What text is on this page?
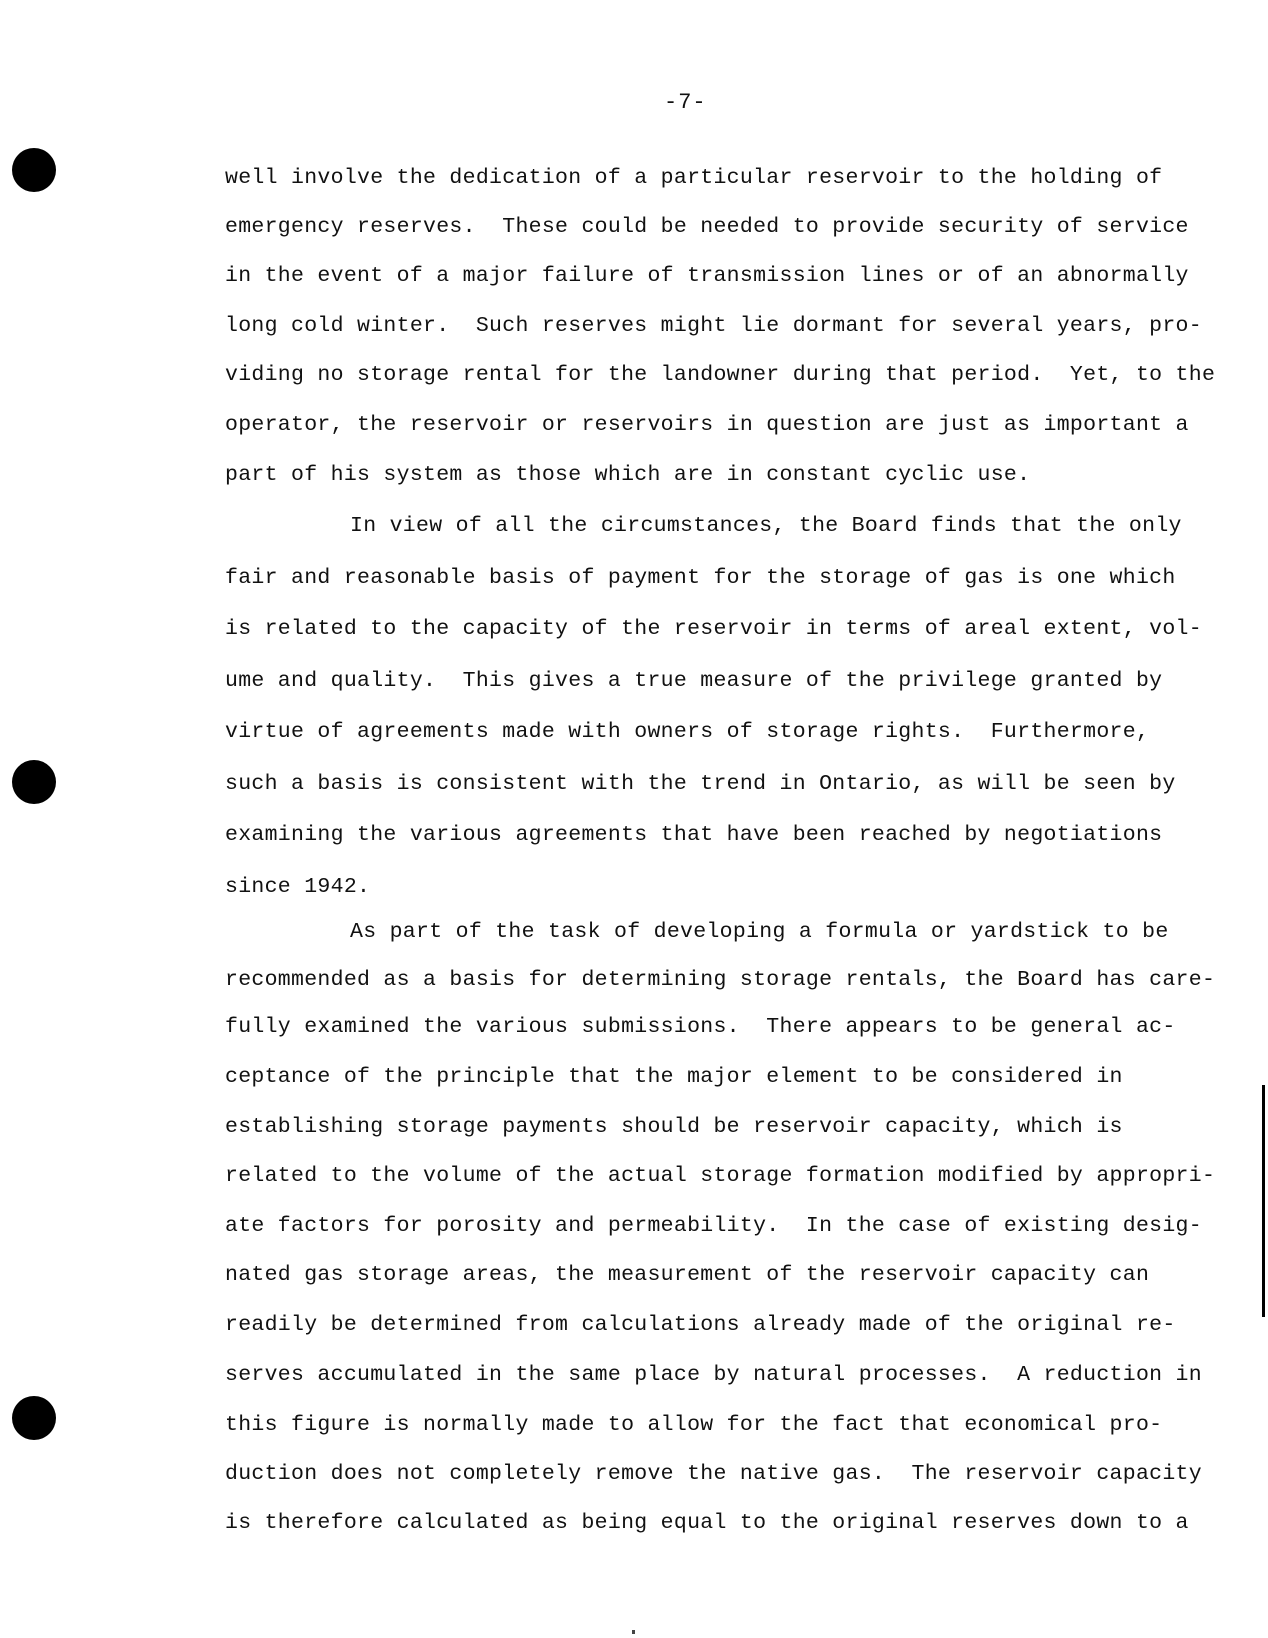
-7-
well involve the dedication of a particular reservoir to the holding of
emergency reserves.  These could be needed to provide security of service
in the event of a major failure of transmission lines or of an abnormally
long cold winter.  Such reserves might lie dormant for several years, pro-
viding no storage rental for the landowner during that period.  Yet, to the
operator, the reservoir or reservoirs in question are just as important a
part of his system as those which are in constant cyclic use.
In view of all the circumstances, the Board finds that the only
fair and reasonable basis of payment for the storage of gas is one which
is related to the capacity of the reservoir in terms of areal extent, vol-
ume and quality.  This gives a true measure of the privilege granted by
virtue of agreements made with owners of storage rights.  Furthermore,
such a basis is consistent with the trend in Ontario, as will be seen by
examining the various agreements that have been reached by negotiations
since 1942.
As part of the task of developing a formula or yardstick to be
recommended as a basis for determining storage rentals, the Board has care-
fully examined the various submissions.  There appears to be general ac-
ceptance of the principle that the major element to be considered in
establishing storage payments should be reservoir capacity, which is
related to the volume of the actual storage formation modified by appropri-
ate factors for porosity and permeability.  In the case of existing desig-
nated gas storage areas, the measurement of the reservoir capacity can
readily be determined from calculations already made of the original re-
serves accumulated in the same place by natural processes.  A reduction in
this figure is normally made to allow for the fact that economical pro-
duction does not completely remove the native gas.  The reservoir capacity
is therefore calculated as being equal to the original reserves down to a
